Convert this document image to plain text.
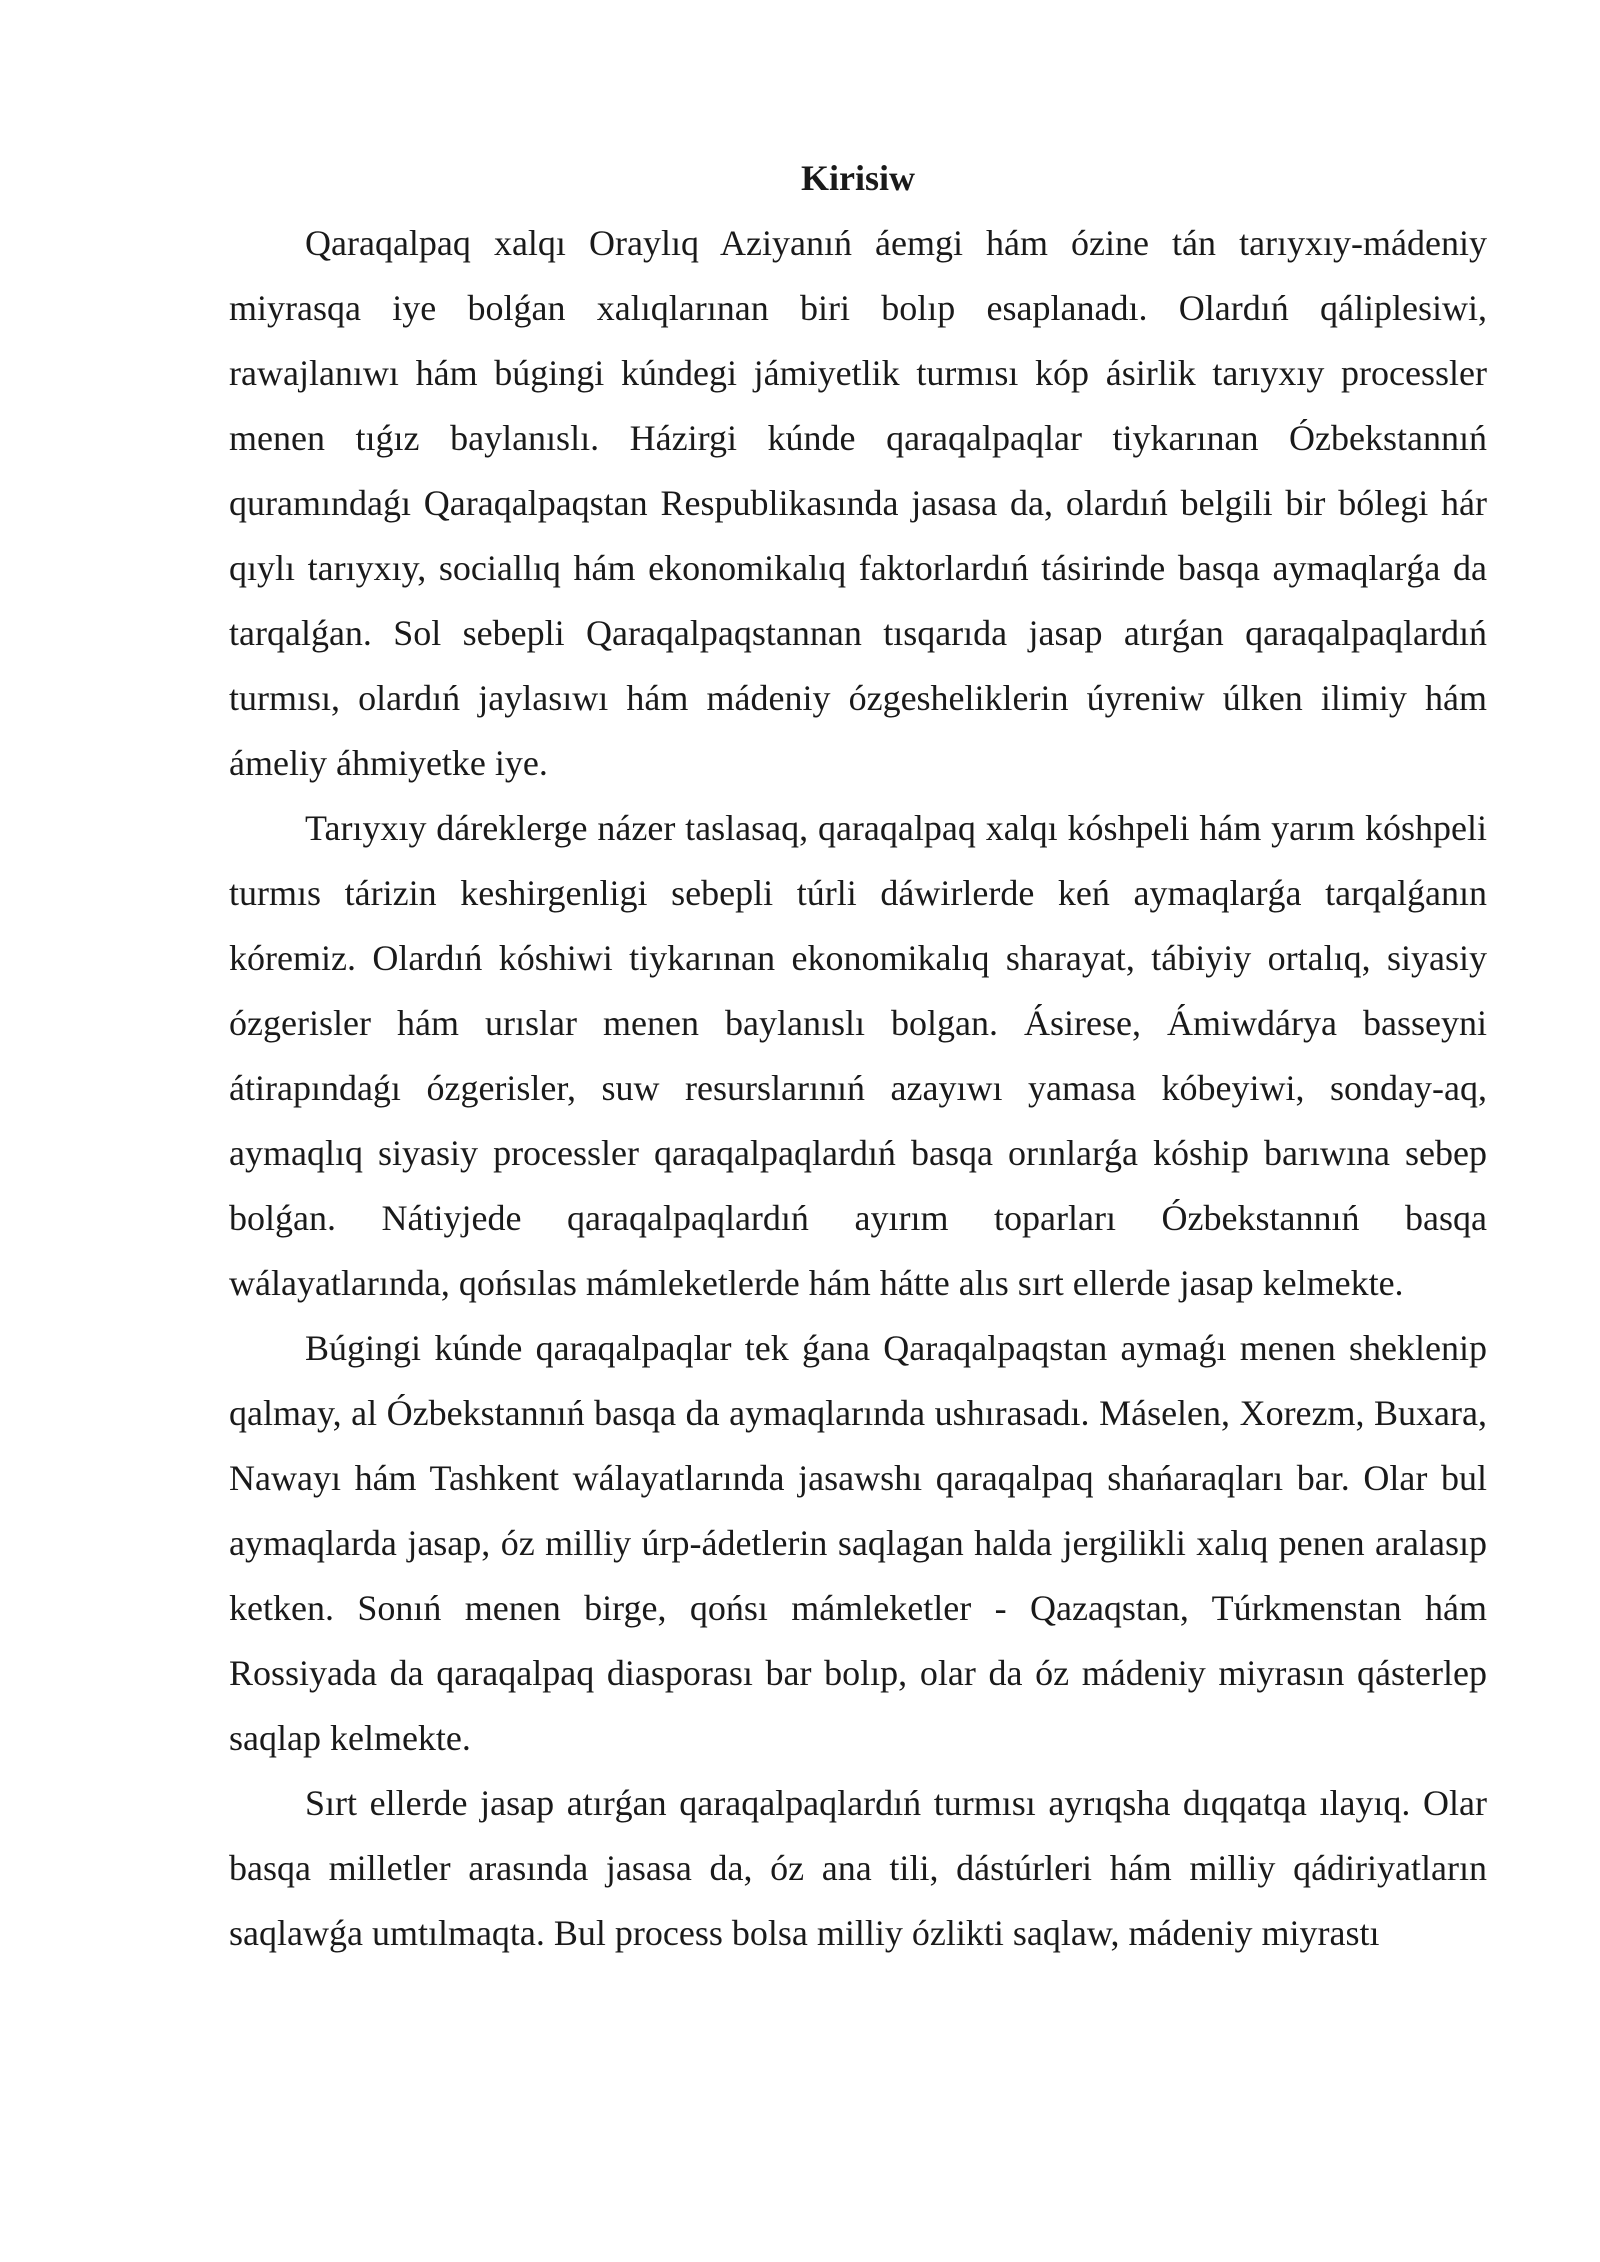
Kirisiw

Qaraqalpaq xalqı Oraylıq Aziyanıń áemgi hám ózine tán tarıyxıy-mádeniy miyrasqa iye bolǵan xalıqlarınan biri bolıp esaplanadı. Olardıń qáliplesiwi, rawajlanıwı hám búgingi kúndegi jámiyetlik turmısı kóp ásirlik tarıyxıy processler menen tıǵız baylanıslı. Házirgi kúnde qaraqalpaqlar tiykarınan Ózbekstannıń quramındaǵı Qaraqalpaqstan Respublikasında jasasa da, olardıń belgili bir bólegi hár qıylı tarıyxıy, sociallıq hám ekonomikalıq faktorlardıń tásirinde basqa aymaqlarǵa da tarqalǵan. Sol sebepli Qaraqalpaqstannan tısqarıda jasap atırǵan qaraqalpaqlardıń turmısı, olardıń jaylasıwı hám mádeniy ózgesheliklerin úyreniw úlken ilimiy hám ámeliy áhmiyetke iye.

Tarıyxıy dáreklerge názer taslasaq, qaraqalpaq xalqı kóshpeli hám yarım kóshpeli turmıs tárizin keshirgenligi sebepli túrli dáwirlerde keń aymaqlarǵa tarqalǵanın kóremiz. Olardıń kóshiwi tiykarınan ekonomikalıq sharayat, tábiyiy ortalıq, siyasiy ózgerisler hám urıslar menen baylanıslı bolgan. Ásirese, Ámiwdárya basseyni átirapındaǵı ózgerisler, suw resurslarınıń azayıwı yamasa kóbeyiwi, sonday-aq, aymaqlıq siyasiy processler qaraqalpaqlardıń basqa orınlarǵa kóship barıwına sebep bolǵan. Nátiyjede qaraqalpaqlardıń ayırım toparları Ózbekstannıń basqa wálayatlarında, qońsılas mámleketlerde hám hátte alıs sırt ellerde jasap kelmekte.

Búgingi kúnde qaraqalpaqlar tek ǵana Qaraqalpaqstan aymaǵı menen sheklenip qalmay, al Ózbekstannıń basqa da aymaqlarında ushırasadı. Máselen, Xorezm, Buxara, Nawayı hám Tashkent wálayatlarında jasawshı qaraqalpaq shańaraqları bar. Olar bul aymaqlarda jasap, óz milliy úrp-ádetlerin saqlagan halda jergilikli xalıq penen aralasıp ketken. Sonıń menen birge, qońsı mámleketler - Qazaqstan, Túrkmenstan hám Rossiyada da qaraqalpaq diasporası bar bolıp, olar da óz mádeniy miyrasın qásterlep saqlap kelmekte.

Sırt ellerde jasap atırǵan qaraqalpaqlardıń turmısı ayrıqsha dıqqatqa ılayıq. Olar basqa milletler arasında jasasa da, óz ana tili, dástúrleri hám milliy qádiriyatların saqlawǵa umtılmaqta. Bul process bolsa milliy ózlikti saqlaw, mádeniy miyrastı
